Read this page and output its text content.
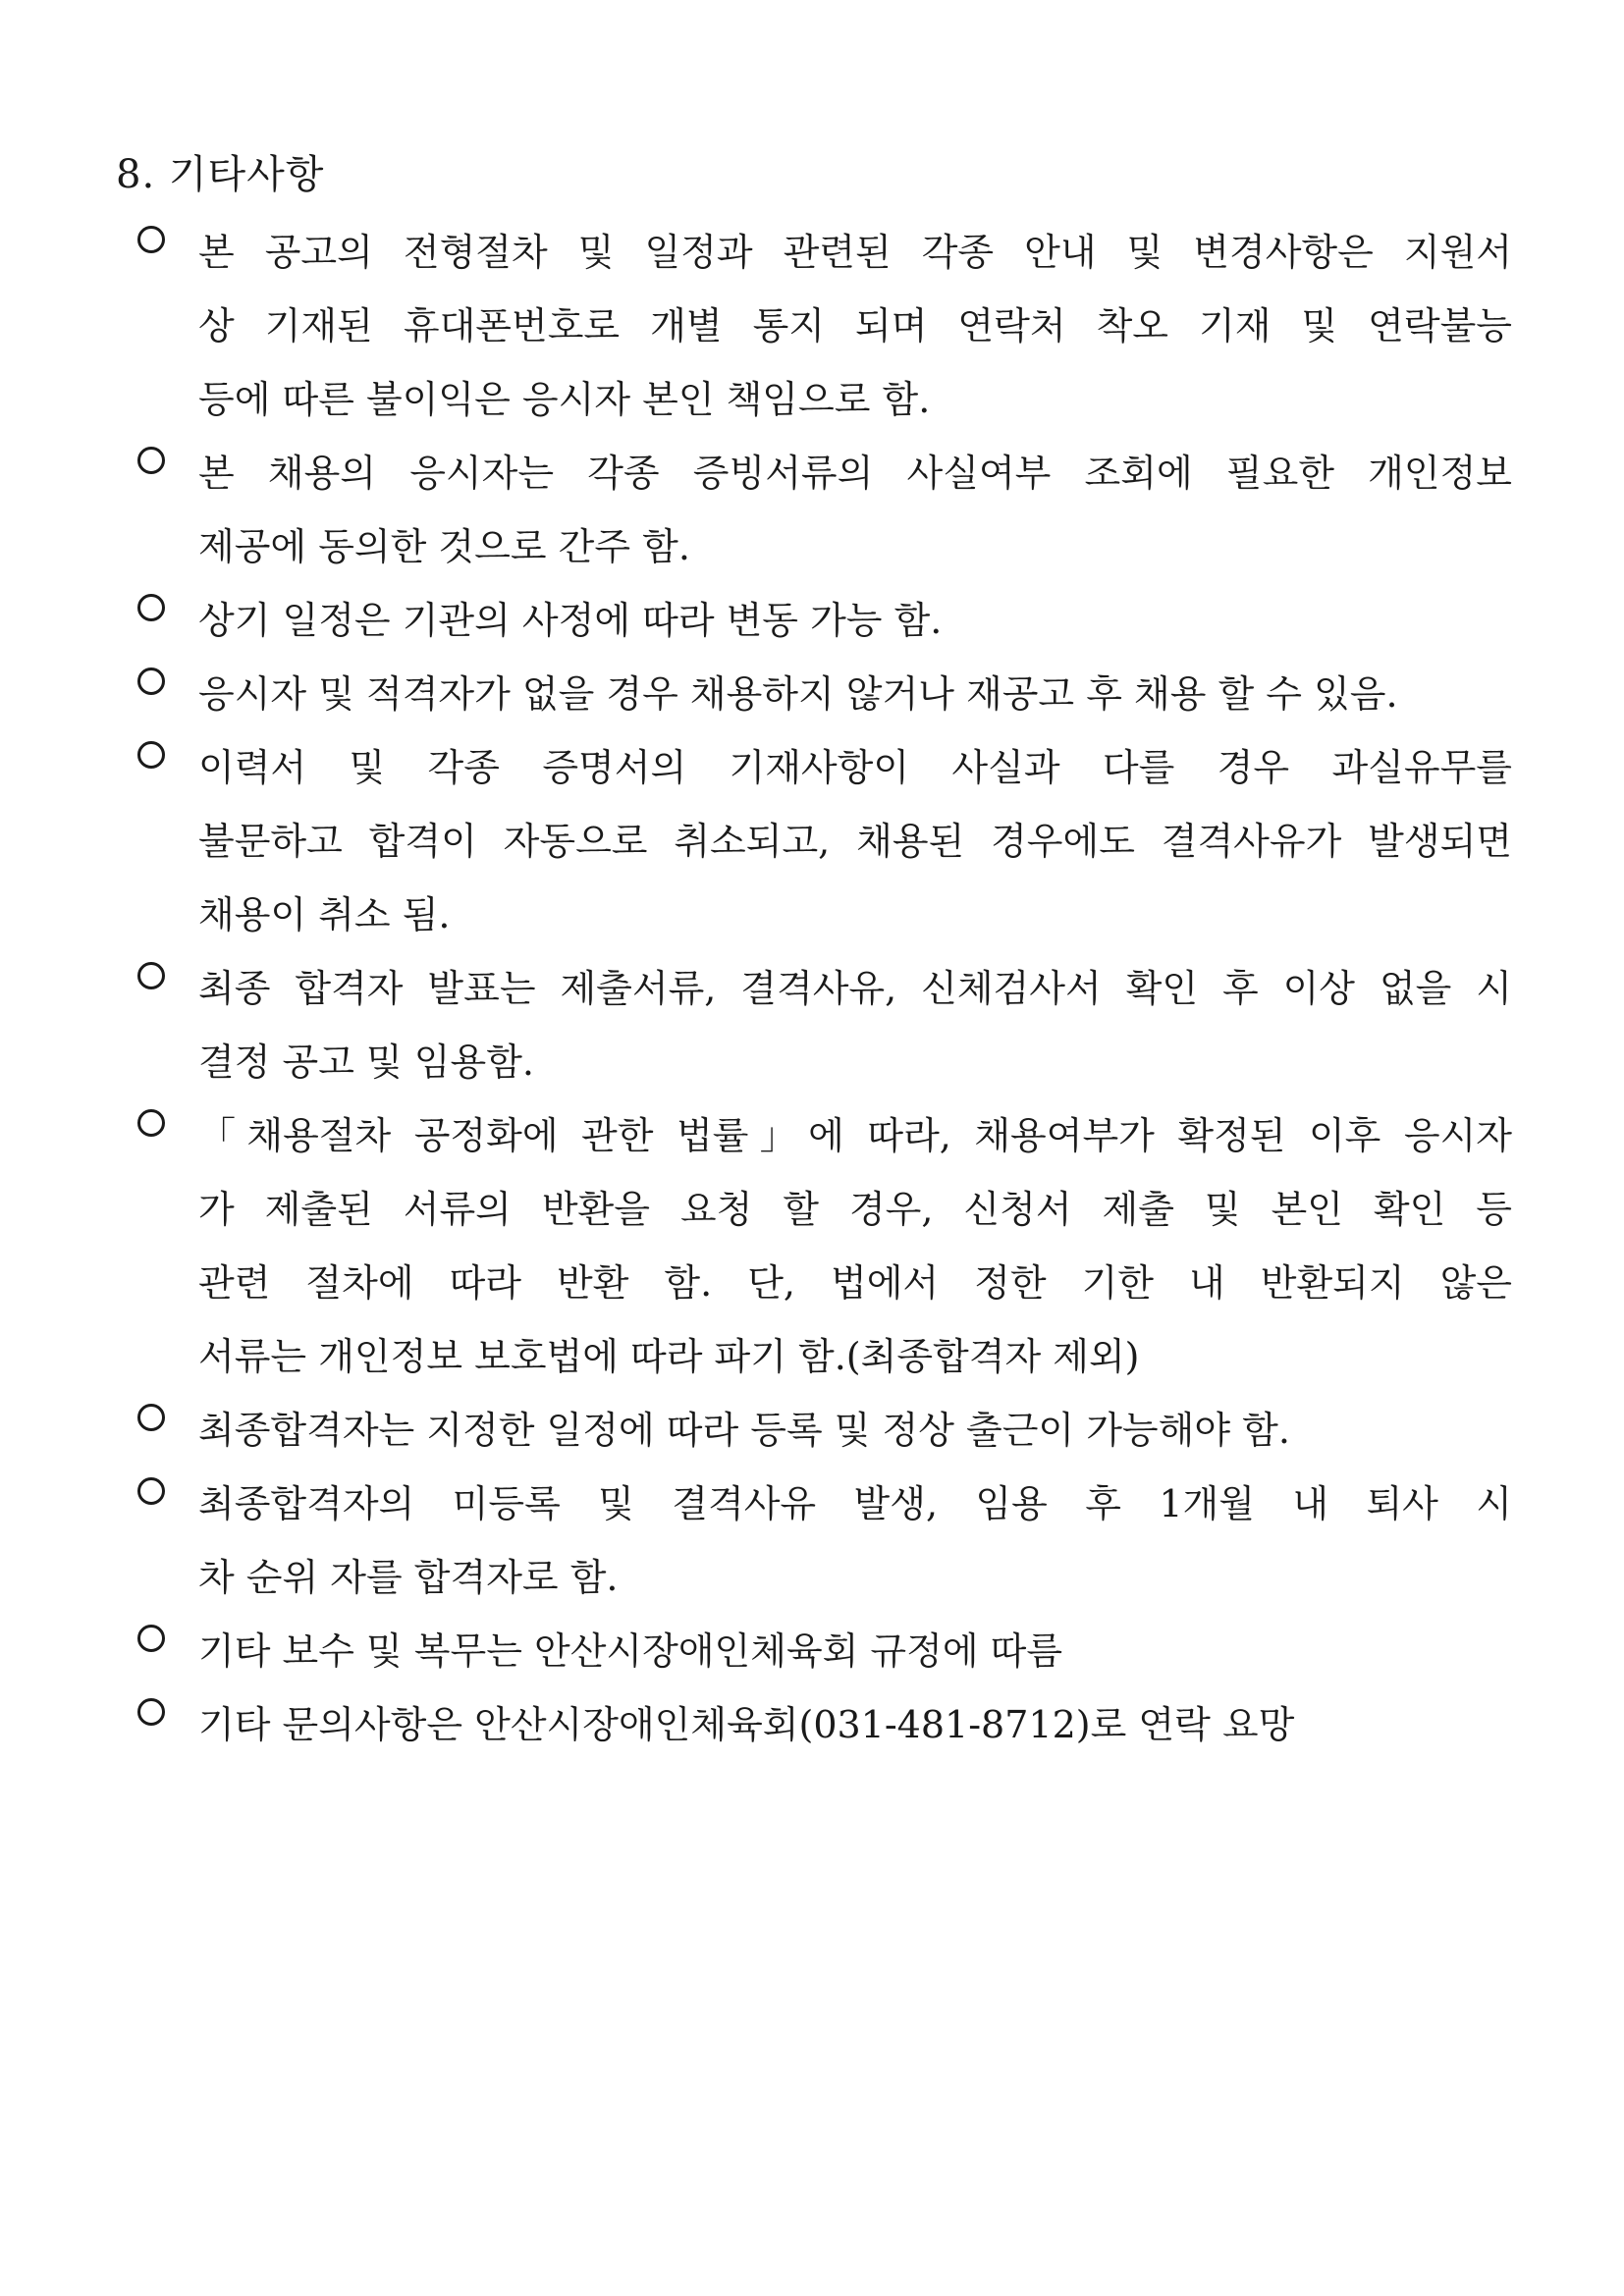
8. 기타사항
본 공고의 전형절차 및 일정과 관련된 각종 안내 및 변경사항은 지원서
상 기재된 휴대폰번호로 개별 통지 되며 연락처 착오 기재 및 연락불능
등에 따른 불이익은 응시자 본인 책임으로 함.
본 채용의 응시자는 각종 증빙서류의 사실여부 조회에 필요한 개인정보
제공에 동의한 것으로 간주 함.
상기 일정은 기관의 사정에 따라 변동 가능 함.
응시자 및 적격자가 없을 경우 채용하지 않거나 재공고 후 채용 할 수 있음.
이력서 및 각종 증명서의 기재사항이 사실과 다를 경우 과실유무를
불문하고 합격이 자동으로 취소되고, 채용된 경우에도 결격사유가 발생되면
채용이 취소 됨.
최종 합격자 발표는 제출서류, 결격사유, 신체검사서 확인 후 이상 없을 시
결정 공고 및 임용함.
「채용절차 공정화에 관한 법률」에 따라, 채용여부가 확정된 이후 응시자
가 제출된 서류의 반환을 요청 할 경우, 신청서 제출 및 본인 확인 등
관련 절차에 따라 반환 함. 단, 법에서 정한 기한 내 반환되지 않은
서류는 개인정보 보호법에 따라 파기 함.(최종합격자 제외)
최종합격자는 지정한 일정에 따라 등록 및 정상 출근이 가능해야 함.
최종합격자의 미등록 및 결격사유 발생, 임용 후 1개월 내 퇴사 시
차 순위 자를 합격자로 함.
기타 보수 및 복무는 안산시장애인체육회 규정에 따름
기타 문의사항은 안산시장애인체육회(031-481-8712)로 연락 요망
